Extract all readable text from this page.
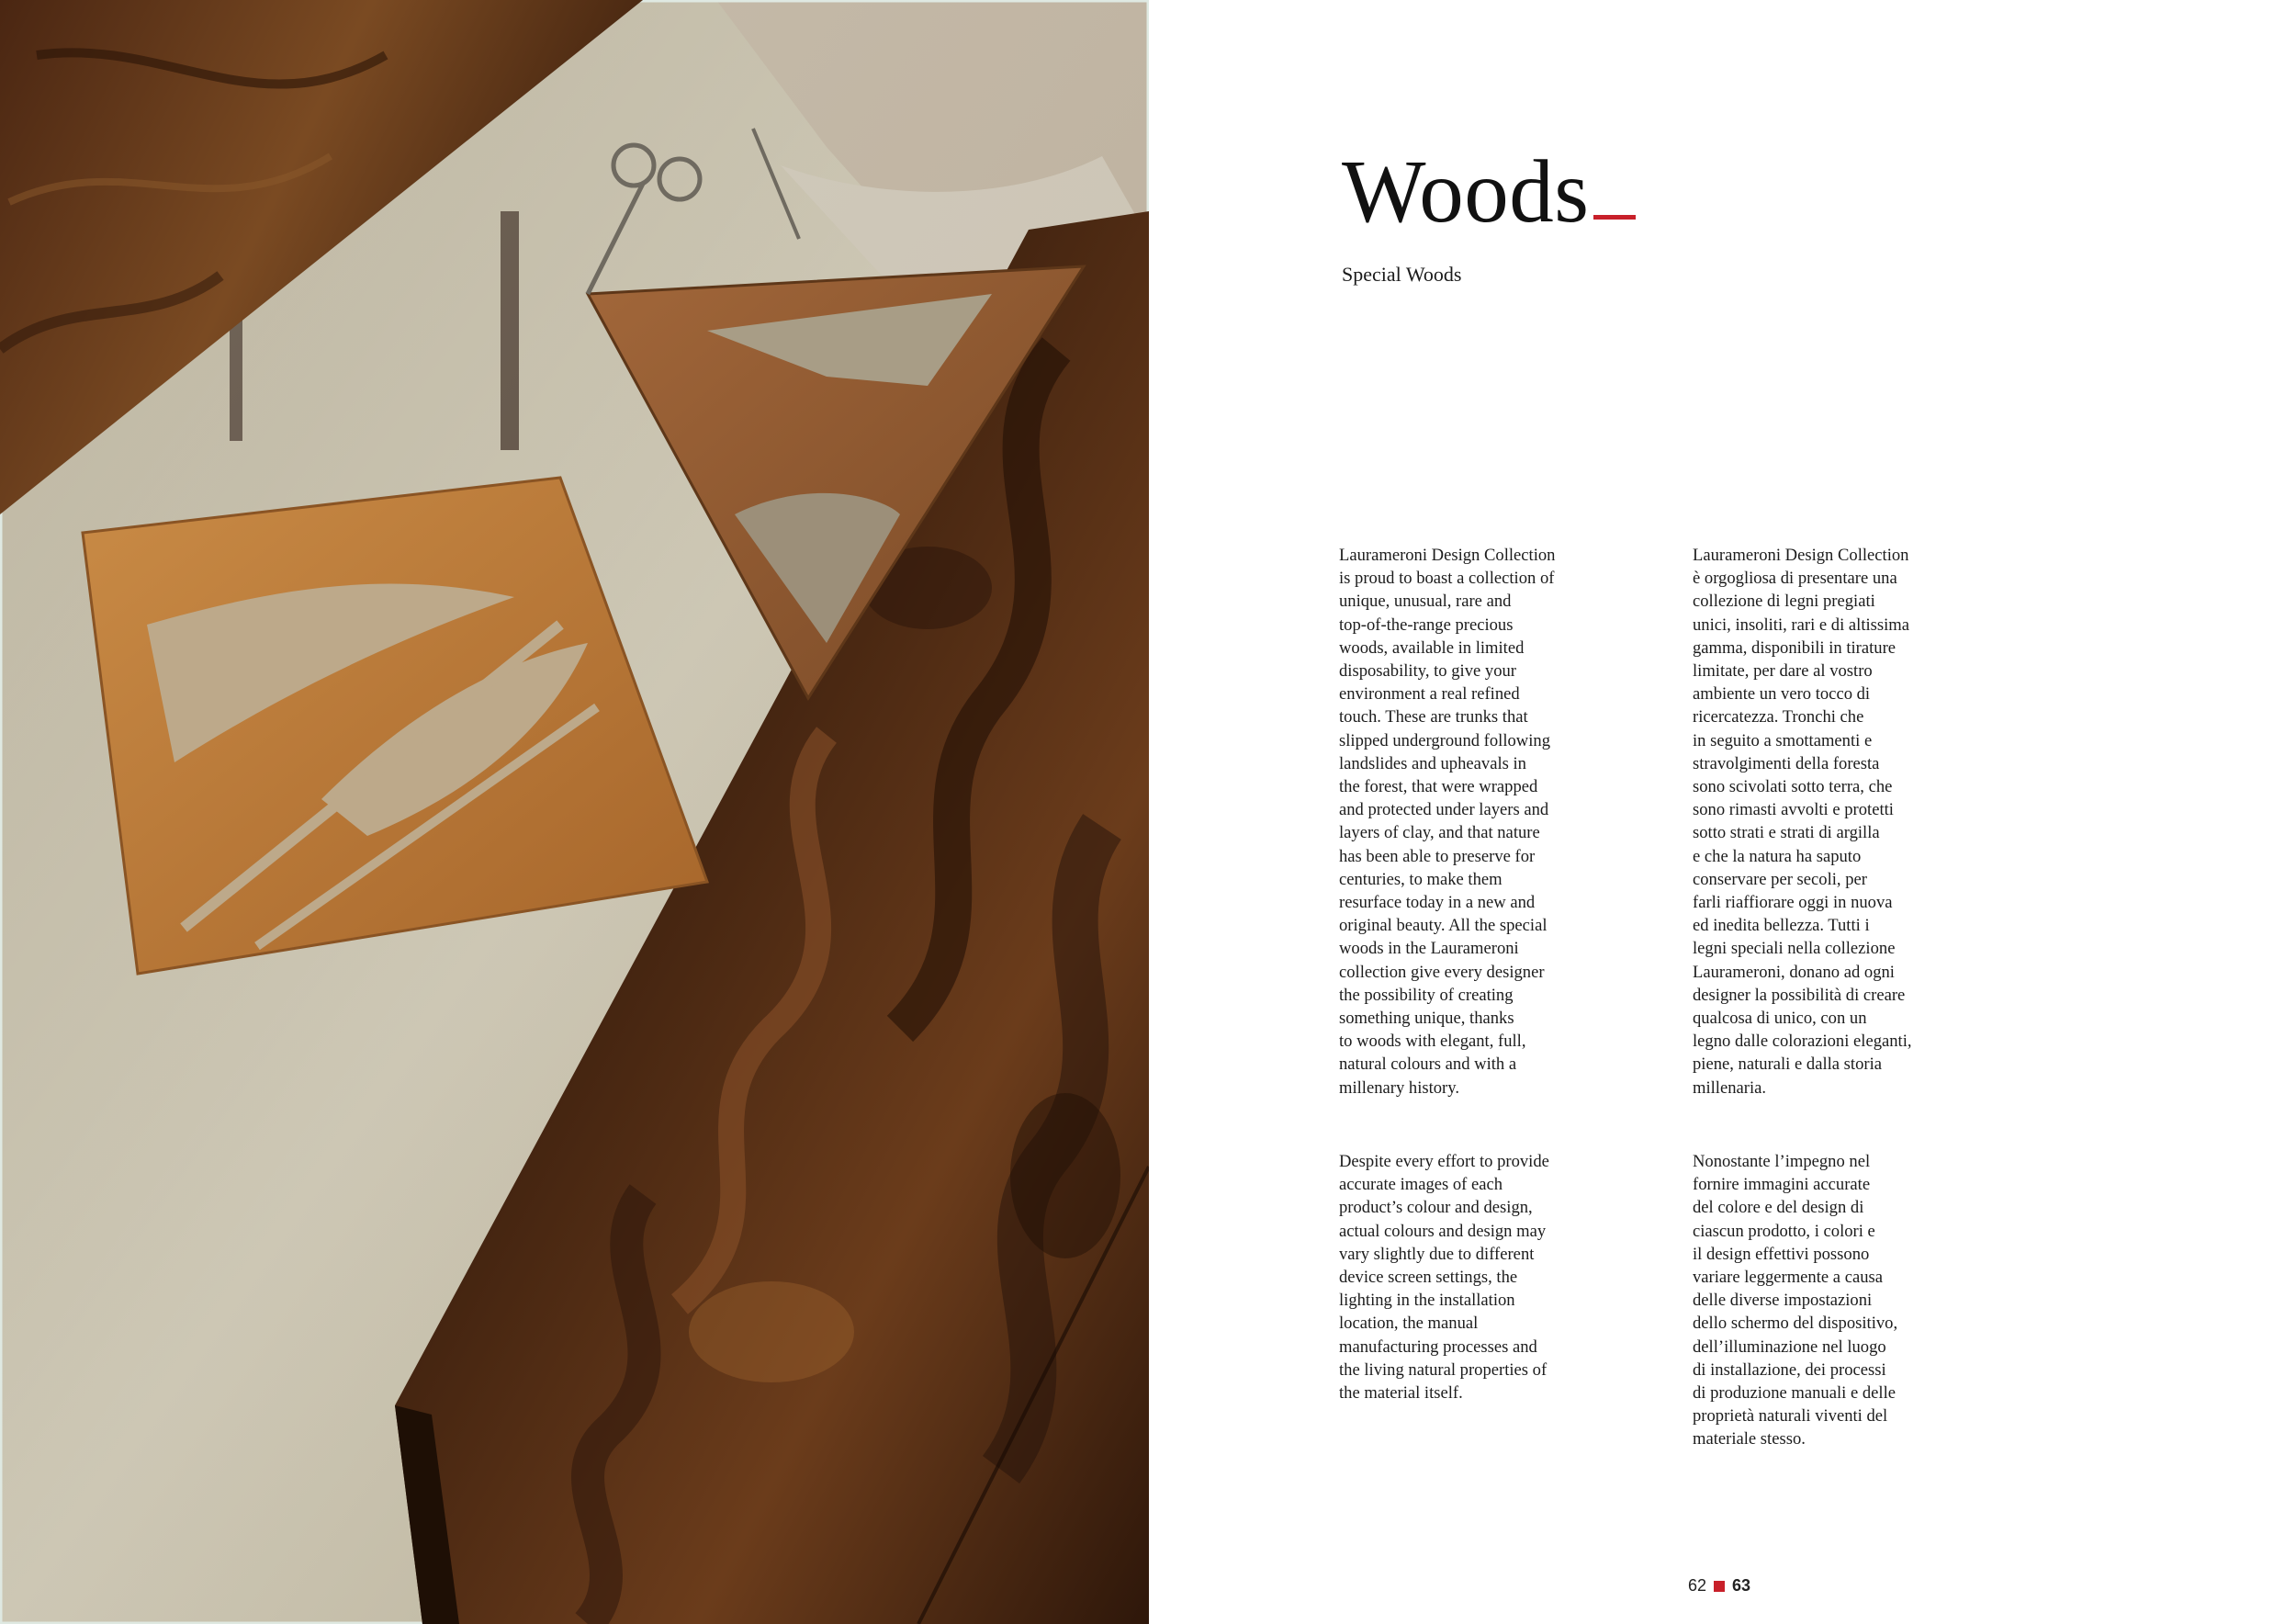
Woods

Special Woods

Laurameroni Design Collection
is proud to boast a collection of
unique, unusual, rare and
top-of-the-range precious
woods, available in limited
disposability, to give your
environment a real refined
touch. These are trunks that
slipped underground following
landslides and upheavals in
the forest, that were wrapped
and protected under layers and
layers of clay, and that nature
has been able to preserve for
centuries, to make them
resurface today in a new and
original beauty. All the special
woods in the Laurameroni
collection give every designer
the possibility of creating
something unique, thanks
to woods with elegant, full,
natural colours and with a
millenary history.
Despite every effort to provide
accurate images of each
product’s colour and design,
actual colours and design may
vary slightly due to different
device screen settings, the
lighting in the installation
location, the manual
manufacturing processes and
the living natural properties of
the material itself.
Laurameroni Design Collection
è orgogliosa di presentare una
collezione di legni pregiati
unici, insoliti, rari e di altissima
gamma, disponibili in tirature
limitate, per dare al vostro
ambiente un vero tocco di
ricercatezza. Tronchi che
in seguito a smottamenti e
stravolgimenti della foresta
sono scivolati sotto terra, che
sono rimasti avvolti e protetti
sotto strati e strati di argilla
e che la natura ha saputo
conservare per secoli, per
farli riaffiorare oggi in nuova
ed inedita bellezza. Tutti i
legni speciali nella collezione
Laurameroni, donano ad ogni
designer la possibilità di creare
qualcosa di unico, con un
legno dalle colorazioni eleganti,
piene, naturali e dalla storia
millenaria.
Nonostante l’impegno nel
fornire immagini accurate
del colore e del design di
ciascun prodotto, i colori e
il design effettivi possono
variare leggermente a causa
delle diverse impostazioni
dello schermo del dispositivo,
dell’illuminazione nel luogo
di installazione, dei processi
di produzione manuali e delle
proprietà naturali viventi del
materiale stesso.
62 63
